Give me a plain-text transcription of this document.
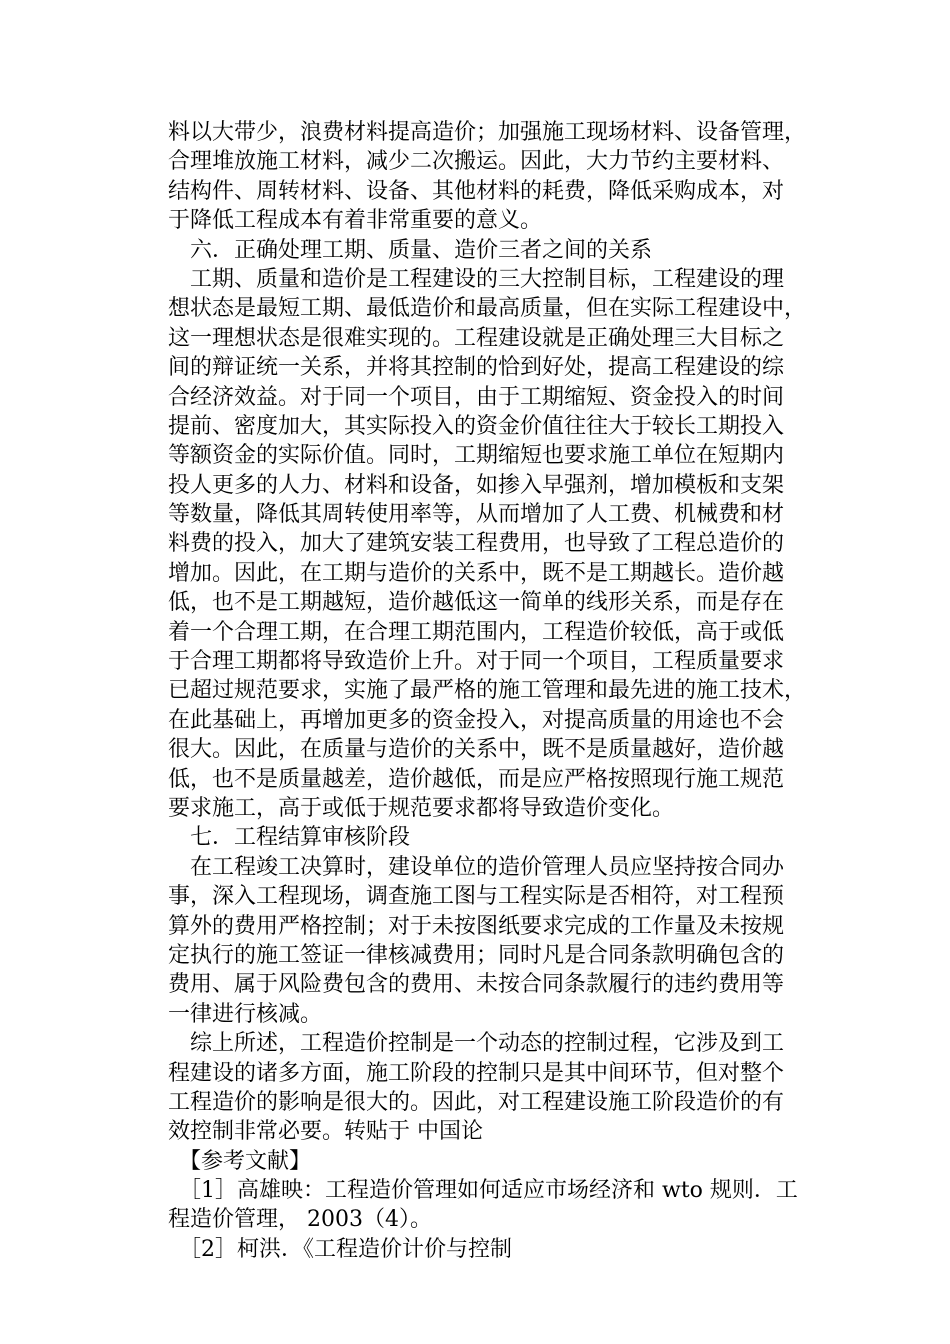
料以大带少，浪费材料提高造价；加强施工现场材料、设备管理，
合理堆放施工材料，减少二次搬运。因此，大力节约主要材料、
结构件、周转材料、设备、其他材料的耗费，降低采购成本，对
于降低工程成本有着非常重要的意义。
　六．正确处理工期、质量、造价三者之间的关系
　工期、质量和造价是工程建设的三大控制目标，工程建设的理
想状态是最短工期、最低造价和最高质量，但在实际工程建设中，
这一理想状态是很难实现的。工程建设就是正确处理三大目标之
间的辩证统一关系，并将其控制的恰到好处，提高工程建设的综
合经济效益。对于同一个项目，由于工期缩短、资金投入的时间
提前、密度加大，其实际投入的资金价值往往大于较长工期投入
等额资金的实际价值。同时，工期缩短也要求施工单位在短期内
投人更多的人力、材料和设备，如掺入早强剂，增加模板和支架
等数量，降低其周转使用率等，从而增加了人工费、机械费和材
料费的投入，加大了建筑安装工程费用，也导致了工程总造价的
增加。因此，在工期与造价的关系中，既不是工期越长。造价越
低，也不是工期越短，造价越低这一简单的线形关系，而是存在
着一个合理工期，在合理工期范围内，工程造价较低，高于或低
于合理工期都将导致造价上升。对于同一个项目，工程质量要求
已超过规范要求，实施了最严格的施工管理和最先进的施工技术，
在此基础上，再增加更多的资金投入，对提高质量的用途也不会
很大。因此，在质量与造价的关系中，既不是质量越好，造价越
低，也不是质量越差，造价越低，而是应严格按照现行施工规范
要求施工，高于或低于规范要求都将导致造价变化。
　七．工程结算审核阶段
　在工程竣工决算时，建设单位的造价管理人员应坚持按合同办
事，深入工程现场，调查施工图与工程实际是否相符，对工程预
算外的费用严格控制；对于未按图纸要求完成的工作量及未按规
定执行的施工签证一律核减费用；同时凡是合同条款明确包含的
费用、属于风险费包含的费用、未按合同条款履行的违约费用等
一律进行核减。
　综上所述，工程造价控制是一个动态的控制过程，它涉及到工
程建设的诸多方面，施工阶段的控制只是其中间环节，但对整个
工程造价的影响是很大的。因此，对工程建设施工阶段造价的有
效控制非常必要。转贴于 中国论
　【参考文献】
　［1］高雄映：工程造价管理如何适应市场经济和 wto 规则．工
程造价管理， 2003（4）。
　［2］柯洪．《工程造价计价与控制
